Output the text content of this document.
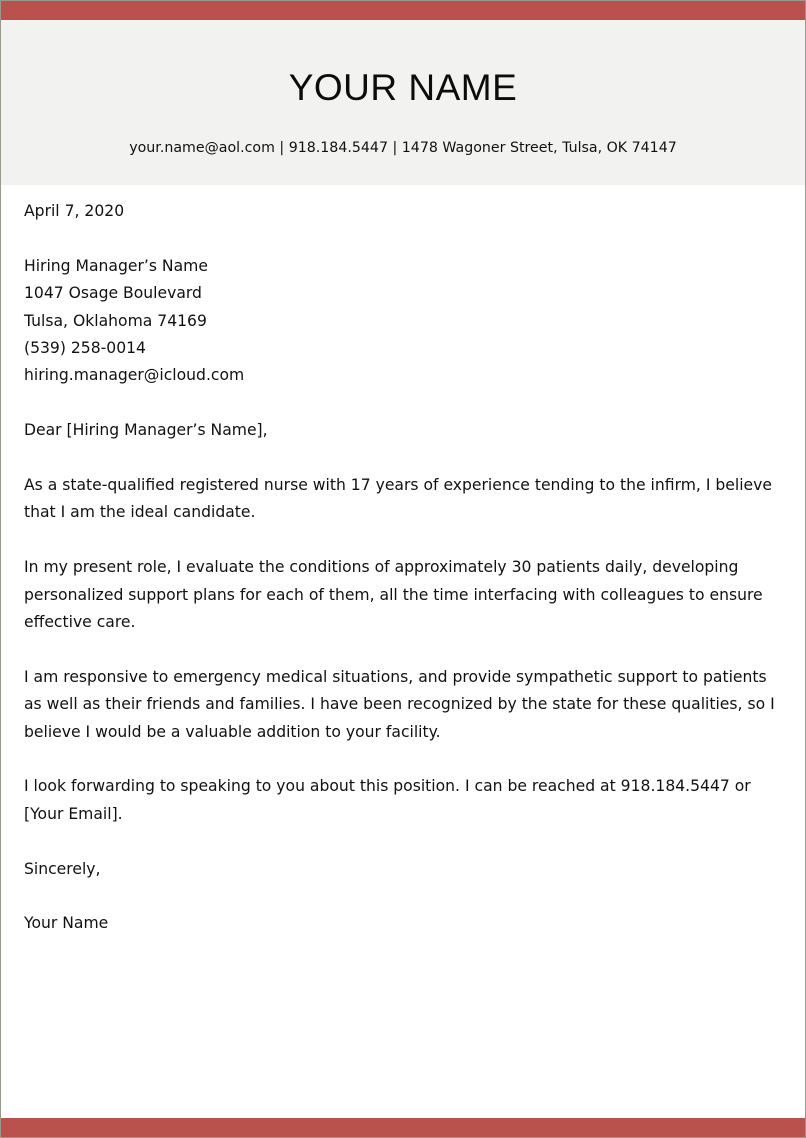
YOUR NAME
your.name@aol.com | 918.184.5447 | 1478 Wagoner Street, Tulsa, OK 74147

April 7, 2020

Hiring Manager’s Name
1047 Osage Boulevard
Tulsa, Oklahoma 74169
(539) 258-0014
hiring.manager@icloud.com

Dear [Hiring Manager’s Name],

As a state-qualified registered nurse with 17 years of experience tending to the infirm, I believe that I am the ideal candidate.

In my present role, I evaluate the conditions of approximately 30 patients daily, developing personalized support plans for each of them, all the time interfacing with colleagues to ensure effective care.

I am responsive to emergency medical situations, and provide sympathetic support to patients as well as their friends and families. I have been recognized by the state for these qualities, so I believe I would be a valuable addition to your facility.

I look forwarding to speaking to you about this position. I can be reached at 918.184.5447 or [Your Email].

Sincerely,

Your Name
